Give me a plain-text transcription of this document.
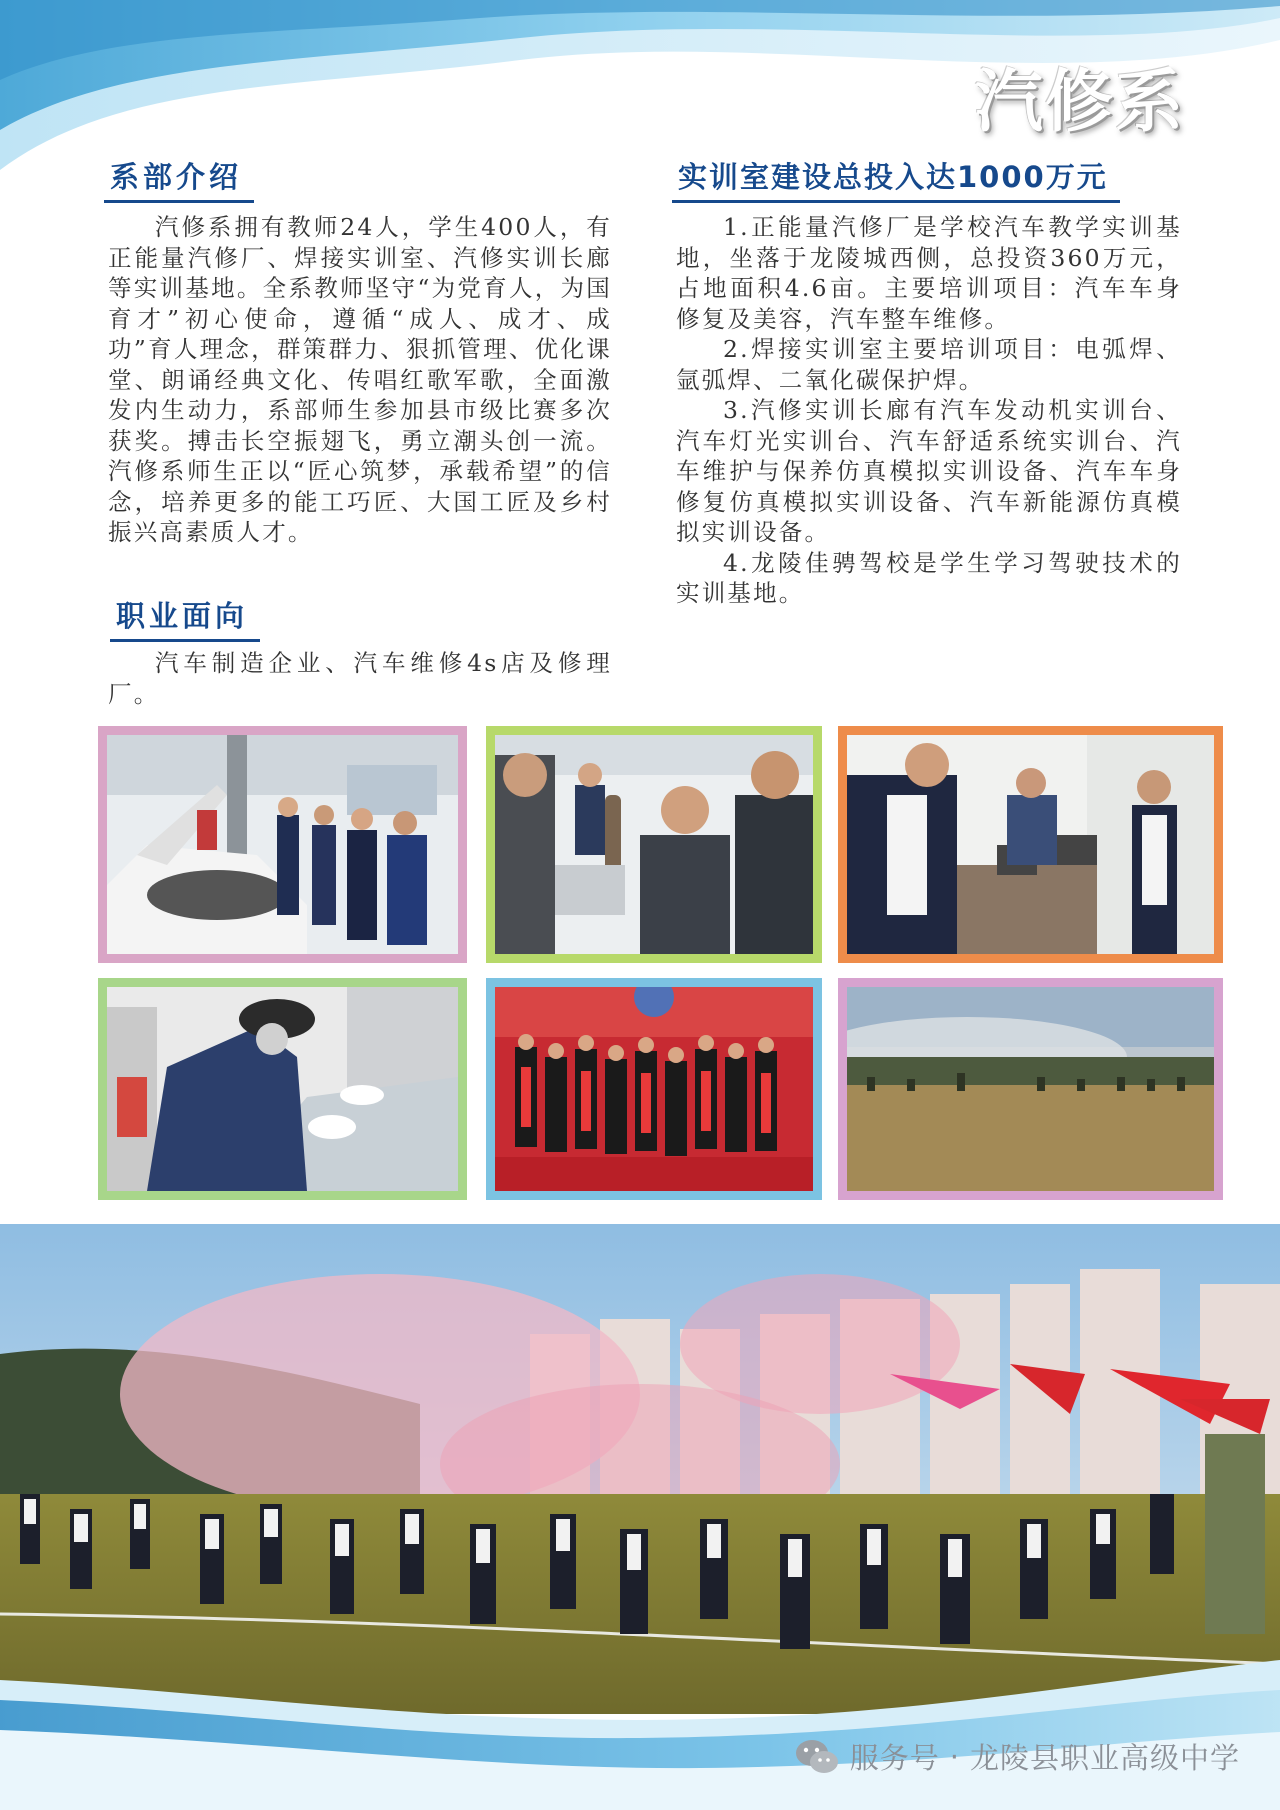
汽修系
系部介绍

汽修系拥有教师24人，学生400人，有正能量汽修厂、焊接实训室、汽修实训长廊等实训基地。全系教师坚守“为党育人，为国育才”初心使命，遵循“成人、成才、成功”育人理念，群策群力、狠抓管理、优化课堂、朗诵经典文化、传唱红歌军歌，全面激发内生动力，系部师生参加县市级比赛多次获奖。搏击长空振翅飞，勇立潮头创一流。汽修系师生正以“匠心筑梦，承载希望”的信念，培养更多的能工巧匠、大国工匠及乡村振兴高素质人才。

职业面向

汽车制造企业、汽车维修4s店及修理厂。

实训室建设总投入达1000万元

1.正能量汽修厂是学校汽车教学实训基地，坐落于龙陵城西侧，总投资360万元，占地面积4.6亩。主要培训项目：汽车车身修复及美容，汽车整车维修。

2.焊接实训室主要培训项目：电弧焊、氩弧焊、二氧化碳保护焊。

3.汽修实训长廊有汽车发动机实训台、汽车灯光实训台、汽车舒适系统实训台、汽车维护与保养仿真模拟实训设备、汽车车身修复仿真模拟实训设备、汽车新能源仿真模拟实训设备。

4.龙陵佳骋驾校是学生学习驾驶技术的实训基地。

服务号 · 龙陵县职业高级中学
